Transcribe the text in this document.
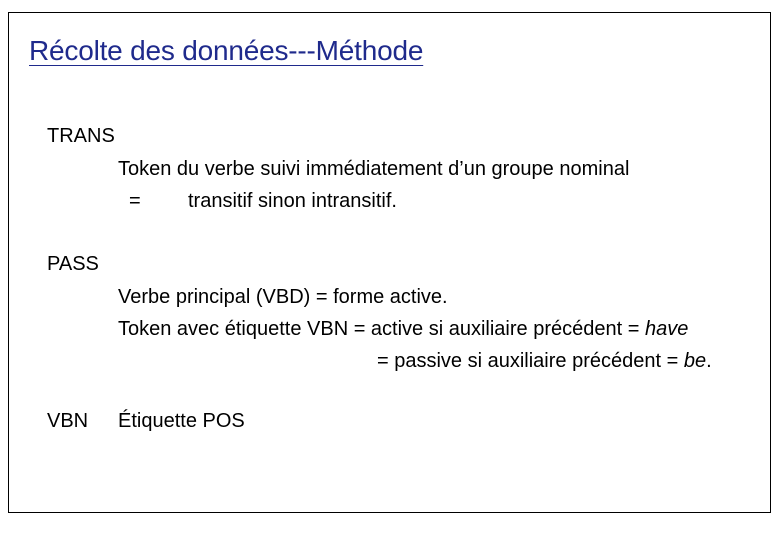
Récolte des données-‐-Méthode
TRANS
Token du verbe suivi immédiatement d’un groupe nominal
= transitif sinon intransitif.
PASS
Verbe principal (VBD) = forme active.
Token avec étiquette VBN = active si auxiliaire précédent = have
= passive si auxiliaire précédent = be.
VBN Étiquette POS
